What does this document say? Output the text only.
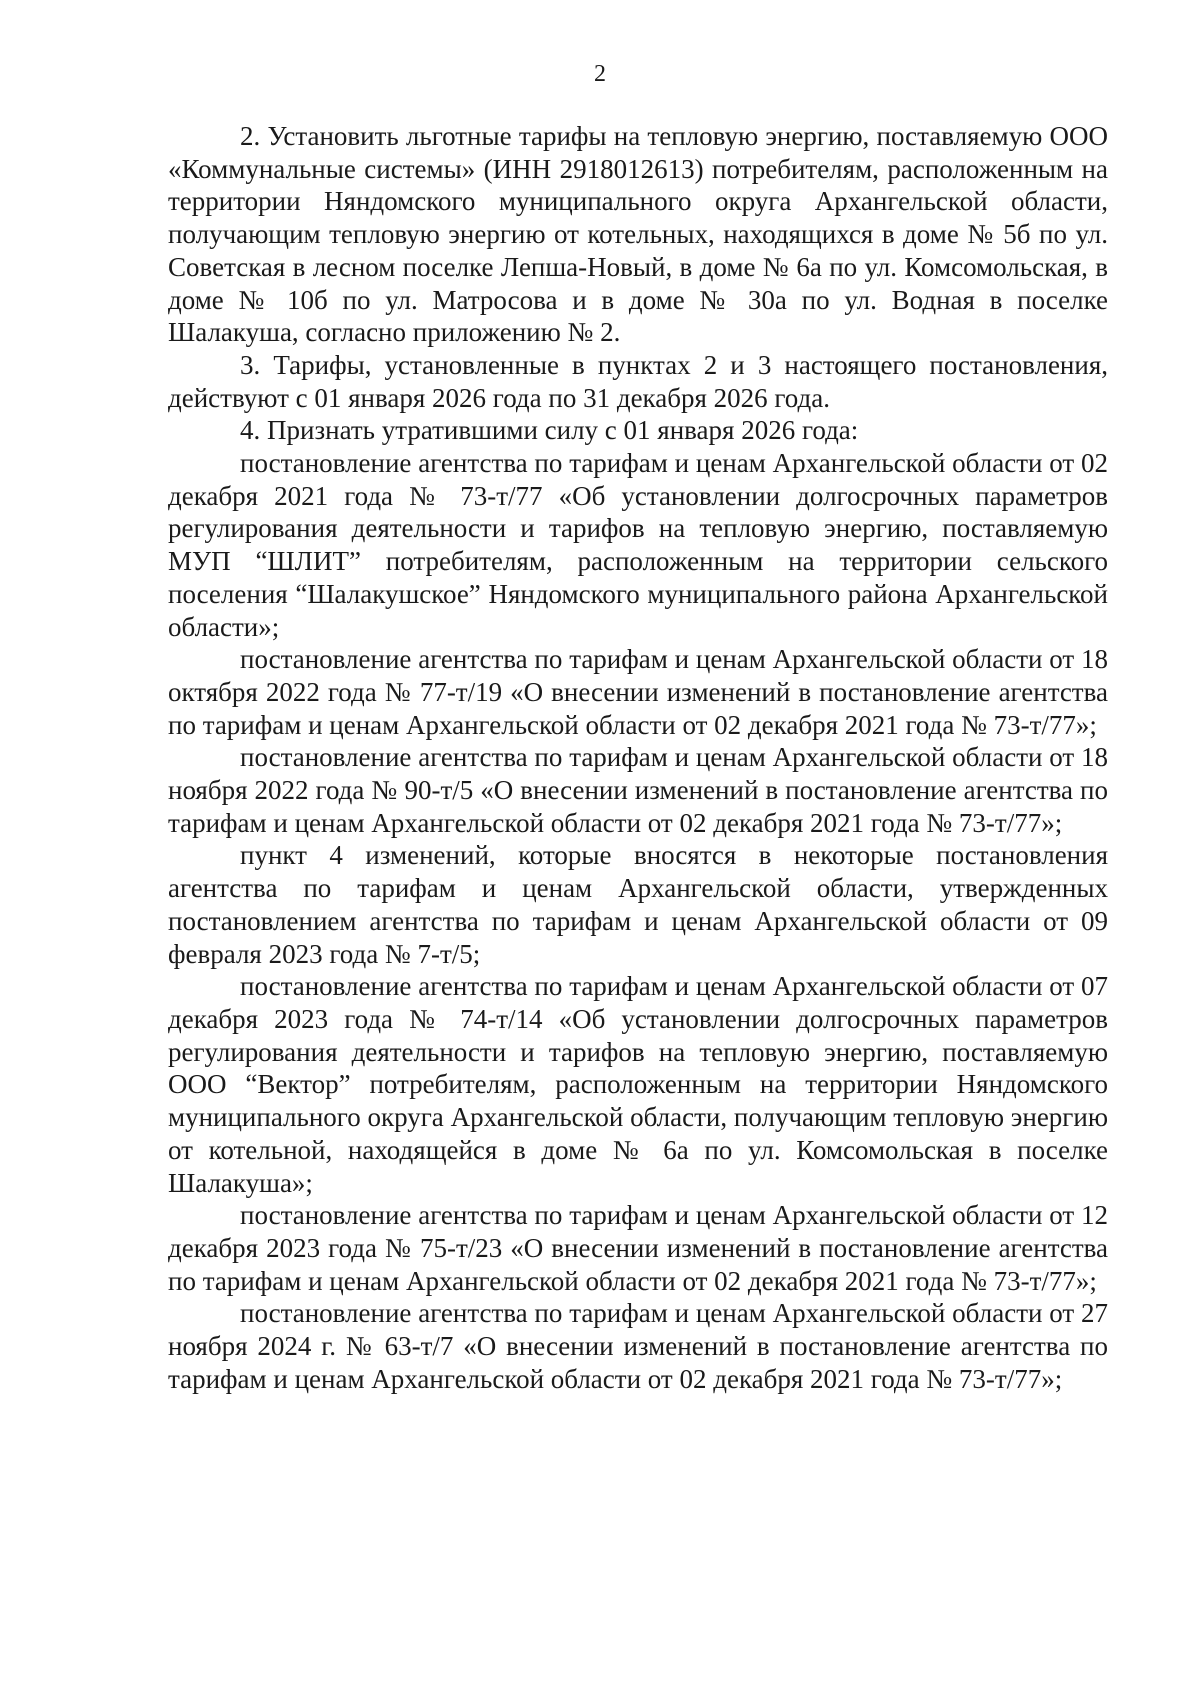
2

2. Установить льготные тарифы на тепловую энергию, поставляемую ООО «Коммунальные системы» (ИНН 2918012613) потребителям, расположенным на территории Няндомского муниципального округа Архангельской области, получающим тепловую энергию от котельных, находящихся в доме № 5б по ул. Советская в лесном поселке Лепша-Новый, в доме № 6а по ул. Комсомольская, в доме № 10б по ул. Матросова и в доме № 30а по ул. Водная в поселке Шалакуша, согласно приложению № 2.

3. Тарифы, установленные в пунктах 2 и 3 настоящего постановления, действуют с 01 января 2026 года по 31 декабря 2026 года.

4. Признать утратившими силу с 01 января 2026 года:

постановление агентства по тарифам и ценам Архангельской области от 02 декабря 2021 года № 73-т/77 «Об установлении долгосрочных параметров регулирования деятельности и тарифов на тепловую энергию, поставляемую МУП “ШЛИТ” потребителям, расположенным на территории сельского поселения “Шалакушское” Няндомского муниципального района Архангельской области»;

постановление агентства по тарифам и ценам Архангельской области от 18 октября 2022 года № 77-т/19 «О внесении изменений в постановление агентства по тарифам и ценам Архангельской области от 02 декабря 2021 года № 73-т/77»;

постановление агентства по тарифам и ценам Архангельской области от 18 ноября 2022 года № 90-т/5 «О внесении изменений в постановление агентства по тарифам и ценам Архангельской области от 02 декабря 2021 года № 73-т/77»;

пункт 4 изменений, которые вносятся в некоторые постановления агентства по тарифам и ценам Архангельской области, утвержденных постановлением агентства по тарифам и ценам Архангельской области от 09 февраля 2023 года № 7-т/5;

постановление агентства по тарифам и ценам Архангельской области от 07 декабря 2023 года № 74-т/14 «Об установлении долгосрочных параметров регулирования деятельности и тарифов на тепловую энергию, поставляемую ООО “Вектор” потребителям, расположенным на территории Няндомского муниципального округа Архангельской области, получающим тепловую энергию от котельной, находящейся в доме № 6а по ул. Комсомольская в поселке Шалакуша»;

постановление агентства по тарифам и ценам Архангельской области от 12 декабря 2023 года № 75-т/23 «О внесении изменений в постановление агентства по тарифам и ценам Архангельской области от 02 декабря 2021 года № 73-т/77»;

постановление агентства по тарифам и ценам Архангельской области от 27 ноября 2024 г. № 63-т/7 «О внесении изменений в постановление агентства по тарифам и ценам Архангельской области от 02 декабря 2021 года № 73-т/77»;
